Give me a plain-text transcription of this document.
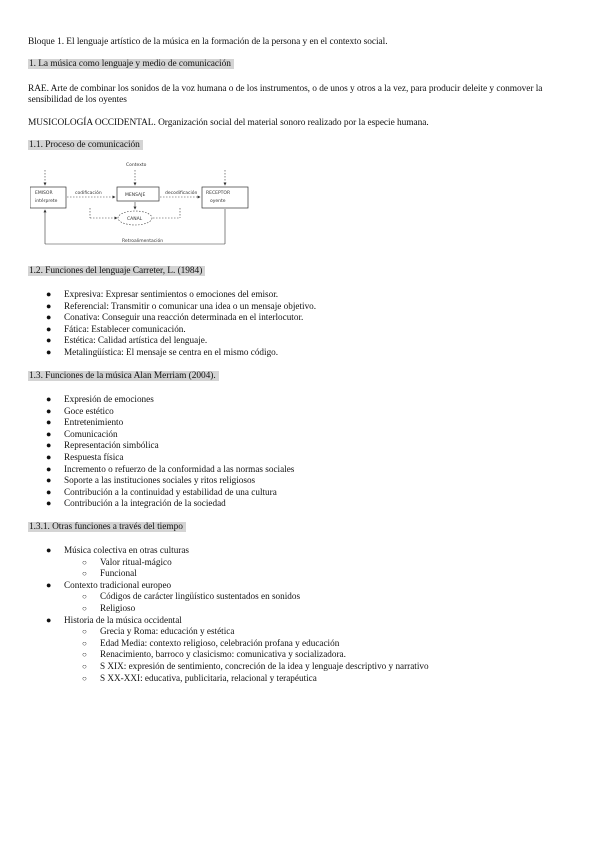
Bloque 1. El lenguaje artístico de la música en la formación de la persona y en el contexto social.
1. La música como lenguaje y medio de comunicación
RAE. Arte de combinar los sonidos de la voz humana o de los instrumentos, o de unos y otros a la vez, para producir deleite y conmover la sensibilidad de los oyentes
MUSICOLOGÍA OCCIDENTAL. Organización social del material sonoro realizado por la especie humana.
1.1. Proceso de comunicación
Contexto
EMISOR
intérprete
codificación	MENSAJE	decodificación RECEPTOR
oyente
CANAL
Retroalimentación
1.2. Funciones del lenguaje Carreter, L. (1984)
● Expresiva: Expresar sentimientos o emociones del emisor.
● Referencial: Transmitir o comunicar una idea o un mensaje objetivo.
● Conativa: Conseguir una reacción determinada en el interlocutor.
● Fática: Establecer comunicación.
● Estética: Calidad artística del lenguaje.
● Metalingüística: El mensaje se centra en el mismo código.
1.3. Funciones de la música Alan Merriam (2004).
● Expresión de emociones
● Goce estético
● Entretenimiento
● Comunicación
● Representación simbólica
● Respuesta física
● Incremento o refuerzo de la conformidad a las normas sociales
● Soporte a las instituciones sociales y ritos religiosos
● Contribución a la continuidad y estabilidad de una cultura
● Contribución a la integración de la sociedad
1.3.1. Otras funciones a través del tiempo
● Música colectiva en otras culturas
○ Valor ritual-mágico
○ Funcional
● Contexto tradicional europeo
○ Códigos de carácter lingüístico sustentados en sonidos
○ Religioso
● Historia de la música occidental
○ Grecia y Roma: educación y estética
○ Edad Media: contexto religioso, celebración profana y educación
○ Renacimiento, barroco y clasicismo: comunicativa y socializadora.
○ S XIX: expresión de sentimiento, concreción de la idea y lenguaje descriptivo y narrativo
○ S XX-XXI: educativa, publicitaria, relacional y terapéutica
